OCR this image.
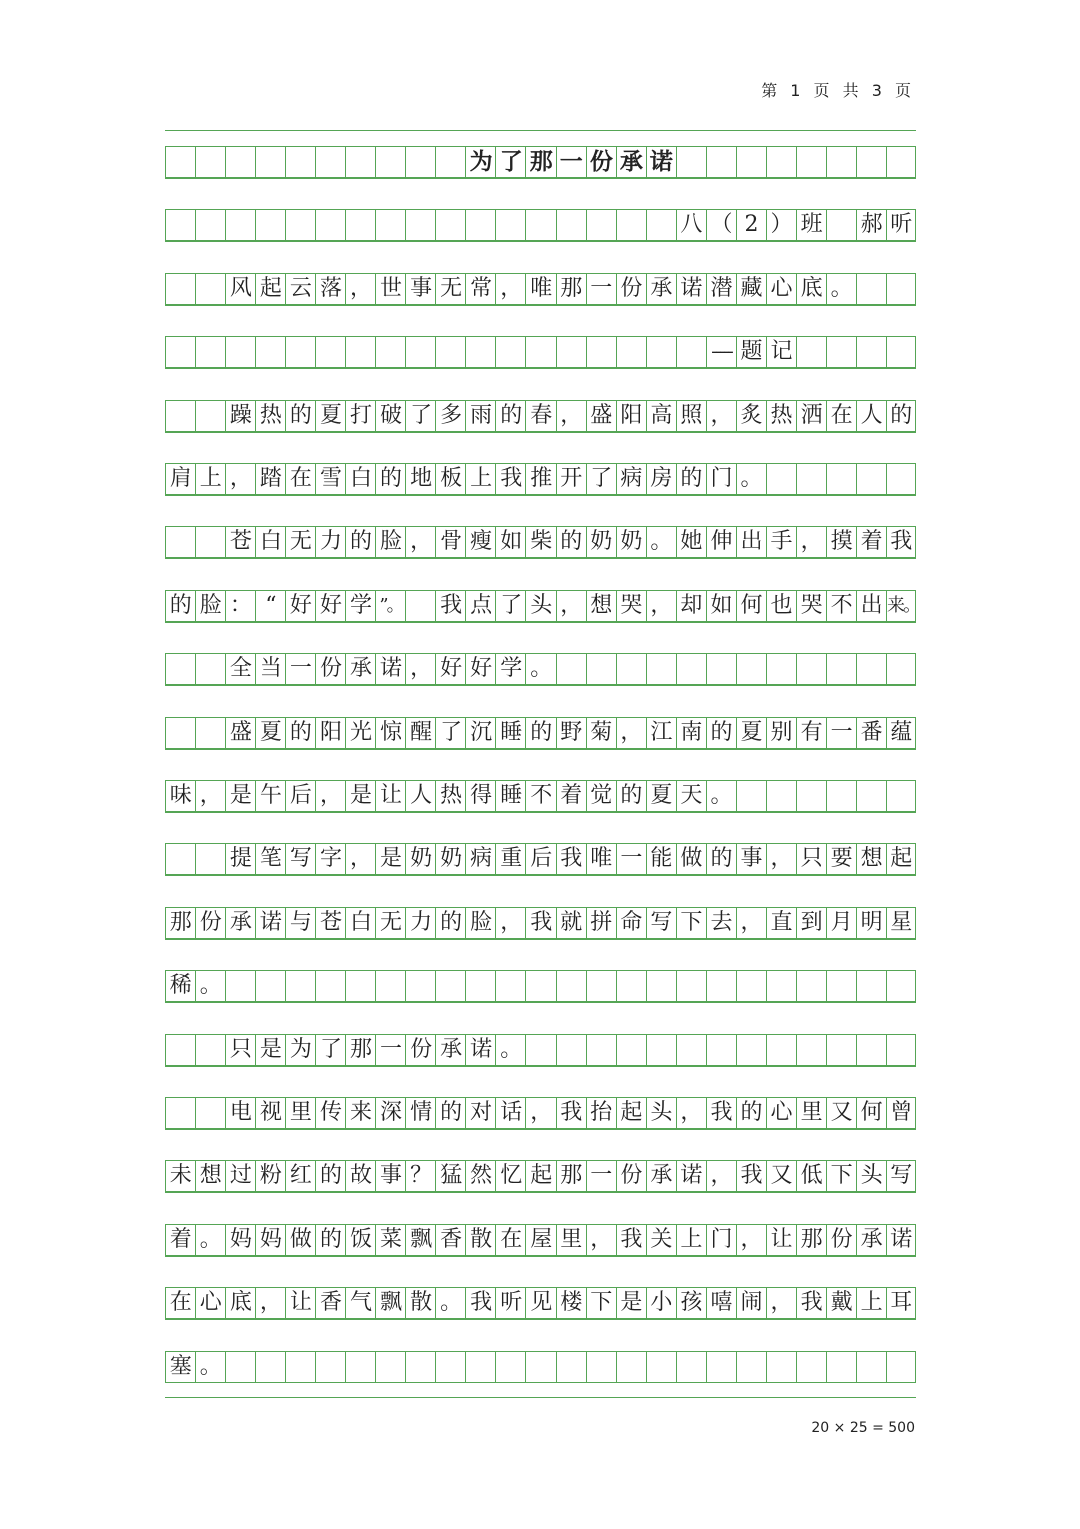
第 1 页 共 3 页
为 了 那 一 份 承 诺
八 （ 2 ） 班 郝 听
风 起 云 落 ， 世 事 无 常 ， 唯 那 一 份 承 诺 潜 藏 心 底 。
----- 题 记
躁 热 的 夏 打 破 了 多 雨 的 春 ， 盛 阳 高 照 ， 炙 热 洒 在 人 的
肩 上 ， 踏 在 雪 白 的 地 板 上 我 推 开 了 病 房 的 门 。
苍 白 无 力 的 脸 ， 骨 瘦 如 柴 的 奶 奶 。 她 伸 出 手 ， 摸 着 我
的 脸 ： “ 好 好 学 ”。 我 点 了 头 ， 想 哭 ， 却 如 何 也 哭 不 出 来。
全 当 一 份 承 诺 ， 好 好 学 。
盛 夏 的 阳 光 惊 醒 了 沉 睡 的 野 菊 ， 江 南 的 夏 别 有 一 番 蕴
味 ， 是 午 后 ， 是 让 人 热 得 睡 不 着 觉 的 夏 天 。
提 笔 写 字 ， 是 奶 奶 病 重 后 我 唯 一 能 做 的 事 ， 只 要 想 起
那 份 承 诺 与 苍 白 无 力 的 脸 ， 我 就 拼 命 写 下 去 ， 直 到 月 明 星
稀 。
只 是 为 了 那 一 份 承 诺 。
电 视 里 传 来 深 情 的 对 话 ， 我 抬 起 头 ， 我 的 心 里 又 何 曾
未 想 过 粉 红 的 故 事 ？ 猛 然 忆 起 那 一 份 承 诺 ， 我 又 低 下 头 写
着 。 妈 妈 做 的 饭 菜 飘 香 散 在 屋 里 ， 我 关 上 门 ， 让 那 份 承 诺
在 心 底 ， 让 香 气 飘 散 。 我 听 见 楼 下 是 小 孩 嘻 闹 ， 我 戴 上 耳
塞 。
20 × 25 = 500
